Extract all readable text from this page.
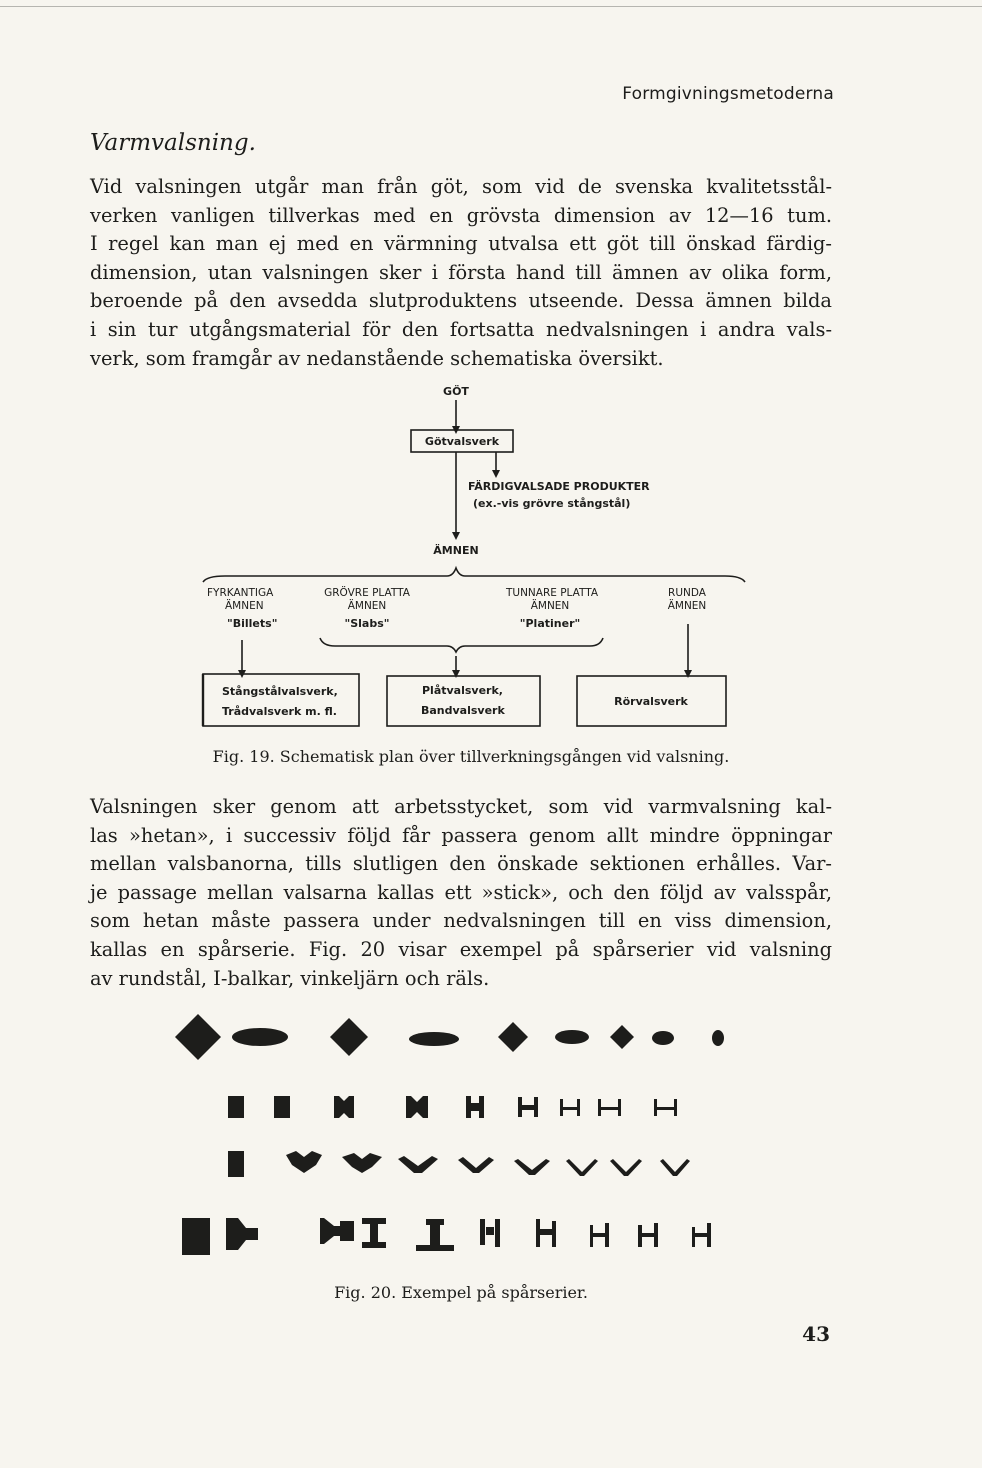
Formgivningsmetoderna
Varmvalsning.
Vid valsningen utgår man från göt, som vid de svenska kvalitetsstål-
verken vanligen tillverkas med en grövsta dimension av 12—16 tum.
I regel kan man ej med en värmning utvalsa ett göt till önskad färdig-
dimension, utan valsningen sker i första hand till ämnen av olika form,
beroende på den avsedda slutproduktens utseende. Dessa ämnen bilda
i sin tur utgångsmaterial för den fortsatta nedvalsningen i andra vals-
verk, som framgår av nedanstående schematiska översikt.
GÖT
Götvalsverk
FÄRDIGVALSADE PRODUKTER
(ex.-vis grövre stångstål)
ÄMNEN
FYRKANTIGA
ÄMNEN
"Billets"
GRÖVRE PLATTA
ÄMNEN
"Slabs"
TUNNARE PLATTA
ÄMNEN
"Platiner"
RUNDA
ÄMNEN
Stångstålvalsverk,
Trådvalsverk m. fl.
Plåtvalsverk,
Bandvalsverk
Rörvalsverk
Fig. 19. Schematisk plan över tillverkningsgången vid valsning.
Valsningen sker genom att arbetsstycket, som vid varmvalsning kal-
las »hetan», i successiv följd får passera genom allt mindre öppningar
mellan valsbanorna, tills slutligen den önskade sektionen erhålles. Var-
je passage mellan valsarna kallas ett »stick», och den följd av valsspår,
som hetan måste passera under nedvalsningen till en viss dimension,
kallas en spårserie. Fig. 20 visar exempel på spårserier vid valsning
av rundstål, I-balkar, vinkeljärn och räls.
Fig. 20. Exempel på spårserier.
43
